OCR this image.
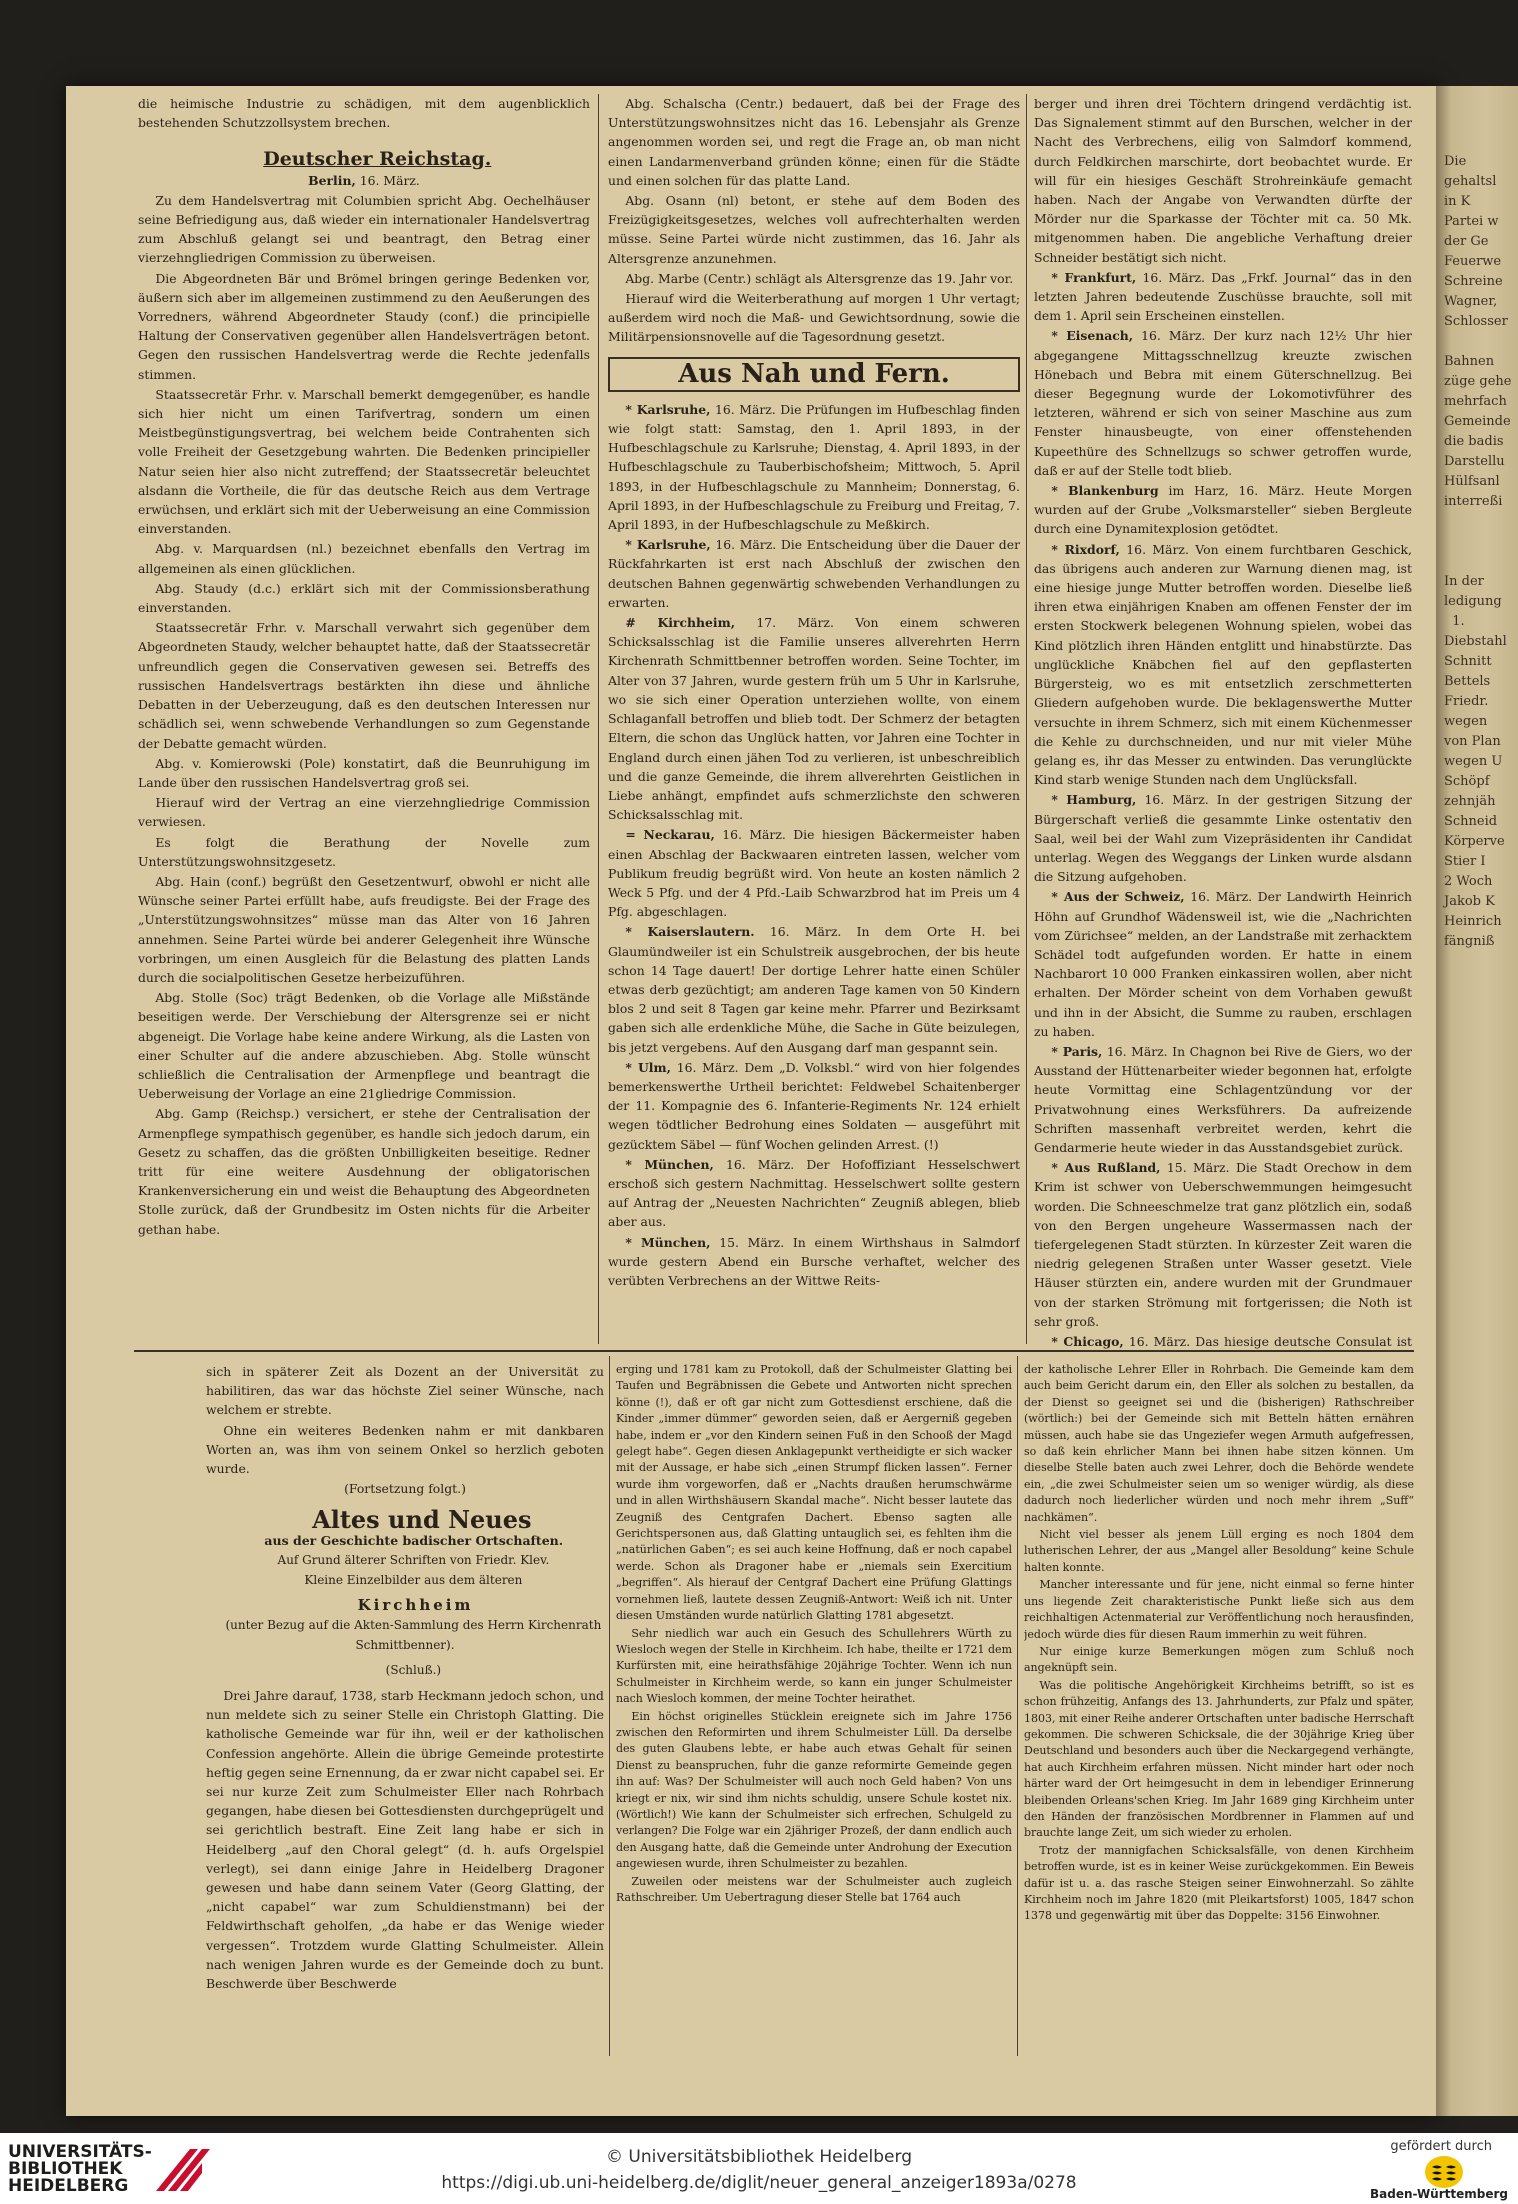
Die
gehaltsl
in K
Partei w
der Ge
Feuerwe
Schreine
Wagner,
Schlosser

Bahnen
züge gehe
mehrfach
Gemeinde
die badis
Darstellu
Hülfsanl
interreßi

In der
ledigung
1.
Diebstahl
Schnitt
Bettels
Friedr.
wegen
von Plan
wegen U
Schöpf
zehnjäh
Schneid
Körperve
Stier I
2 Woch
Jakob K
Heinrich
fängniß

die heimische Industrie zu schädigen, mit dem augenblicklich bestehenden Schutzzollsystem brechen.

Deutscher Reichstag.

Berlin, 16. März.

Zu dem Handelsvertrag mit Columbien spricht Abg. Oechelhäuser seine Befriedigung aus, daß wieder ein internationaler Handelsvertrag zum Abschluß gelangt sei und beantragt, den Betrag einer vierzehngliedrigen Commission zu überweisen.

Die Abgeordneten Bär und Brömel bringen geringe Bedenken vor, äußern sich aber im allgemeinen zustimmend zu den Aeußerungen des Vorredners, während Abgeordneter Staudy (conf.) die principielle Haltung der Conservativen gegenüber allen Handelsverträgen betont. Gegen den russischen Handelsvertrag werde die Rechte jedenfalls stimmen.

Staatssecretär Frhr. v. Marschall bemerkt demgegenüber, es handle sich hier nicht um einen Tarifvertrag, sondern um einen Meistbegünstigungsvertrag, bei welchem beide Contrahenten sich volle Freiheit der Gesetzgebung wahrten. Die Bedenken principieller Natur seien hier also nicht zutreffend; der Staatssecretär beleuchtet alsdann die Vortheile, die für das deutsche Reich aus dem Vertrage erwüchsen, und erklärt sich mit der Ueberweisung an eine Commission einverstanden.

Abg. v. Marquardsen (nl.) bezeichnet ebenfalls den Vertrag im allgemeinen als einen glücklichen.

Abg. Staudy (d.c.) erklärt sich mit der Commissionsberathung einverstanden.

Staatssecretär Frhr. v. Marschall verwahrt sich gegenüber dem Abgeordneten Staudy, welcher behauptet hatte, daß der Staatssecretär unfreundlich gegen die Conservativen gewesen sei. Betreffs des russischen Handelsvertrags bestärkten ihn diese und ähnliche Debatten in der Ueberzeugung, daß es den deutschen Interessen nur schädlich sei, wenn schwebende Verhandlungen so zum Gegenstande der Debatte gemacht würden.

Abg. v. Komierowski (Pole) konstatirt, daß die Beunruhigung im Lande über den russischen Handelsvertrag groß sei.

Hierauf wird der Vertrag an eine vierzehngliedrige Commission verwiesen.

Es folgt die Berathung der Novelle zum Unterstützungswohnsitzgesetz.

Abg. Hain (conf.) begrüßt den Gesetzentwurf, obwohl er nicht alle Wünsche seiner Partei erfüllt habe, aufs freudigste. Bei der Frage des „Unterstützungswohnsitzes“ müsse man das Alter von 16 Jahren annehmen. Seine Partei würde bei anderer Gelegenheit ihre Wünsche vorbringen, um einen Ausgleich für die Belastung des platten Lands durch die socialpolitischen Gesetze herbeizuführen.

Abg. Stolle (Soc) trägt Bedenken, ob die Vorlage alle Mißstände beseitigen werde. Der Verschiebung der Altersgrenze sei er nicht abgeneigt. Die Vorlage habe keine andere Wirkung, als die Lasten von einer Schulter auf die andere abzuschieben. Abg. Stolle wünscht schließlich die Centralisation der Armenpflege und beantragt die Ueberweisung der Vorlage an eine 21gliedrige Commission.

Abg. Gamp (Reichsp.) versichert, er stehe der Centralisation der Armenpflege sympathisch gegenüber, es handle sich jedoch darum, ein Gesetz zu schaffen, das die größten Unbilligkeiten beseitige. Redner tritt für eine weitere Ausdehnung der obligatorischen Krankenversicherung ein und weist die Behauptung des Abgeordneten Stolle zurück, daß der Grundbesitz im Osten nichts für die Arbeiter gethan habe.

Abg. Schalscha (Centr.) bedauert, daß bei der Frage des Unterstützungswohnsitzes nicht das 16. Lebensjahr als Grenze angenommen worden sei, und regt die Frage an, ob man nicht einen Landarmenverband gründen könne; einen für die Städte und einen solchen für das platte Land.

Abg. Osann (nl) betont, er stehe auf dem Boden des Freizügigkeitsgesetzes, welches voll aufrechterhalten werden müsse. Seine Partei würde nicht zustimmen, das 16. Jahr als Altersgrenze anzunehmen.

Abg. Marbe (Centr.) schlägt als Altersgrenze das 19. Jahr vor.

Hierauf wird die Weiterberathung auf morgen 1 Uhr vertagt; außerdem wird noch die Maß- und Gewichtsordnung, sowie die Militärpensionsnovelle auf die Tagesordnung gesetzt.

Aus Nah und Fern.

* Karlsruhe, 16. März. Die Prüfungen im Hufbeschlag finden wie folgt statt: Samstag, den 1. April 1893, in der Hufbeschlagschule zu Karlsruhe; Dienstag, 4. April 1893, in der Hufbeschlagschule zu Tauberbischofsheim; Mittwoch, 5. April 1893, in der Hufbeschlagschule zu Mannheim; Donnerstag, 6. April 1893, in der Hufbeschlagschule zu Freiburg und Freitag, 7. April 1893, in der Hufbeschlagschule zu Meßkirch.

* Karlsruhe, 16. März. Die Entscheidung über die Dauer der Rückfahrkarten ist erst nach Abschluß der zwischen den deutschen Bahnen gegenwärtig schwebenden Verhandlungen zu erwarten.

# Kirchheim, 17. März. Von einem schweren Schicksalsschlag ist die Familie unseres allverehrten Herrn Kirchenrath Schmittbenner betroffen worden. Seine Tochter, im Alter von 37 Jahren, wurde gestern früh um 5 Uhr in Karlsruhe, wo sie sich einer Operation unterziehen wollte, von einem Schlaganfall betroffen und blieb todt. Der Schmerz der betagten Eltern, die schon das Unglück hatten, vor Jahren eine Tochter in England durch einen jähen Tod zu verlieren, ist unbeschreiblich und die ganze Gemeinde, die ihrem allverehrten Geistlichen in Liebe anhängt, empfindet aufs schmerzlichste den schweren Schicksalsschlag mit.

= Neckarau, 16. März. Die hiesigen Bäckermeister haben einen Abschlag der Backwaaren eintreten lassen, welcher vom Publikum freudig begrüßt wird. Von heute an kosten nämlich 2 Weck 5 Pfg. und der 4 Pfd.-Laib Schwarzbrod hat im Preis um 4 Pfg. abgeschlagen.

* Kaiserslautern. 16. März. In dem Orte H. bei Glaumündweiler ist ein Schulstreik ausgebrochen, der bis heute schon 14 Tage dauert! Der dortige Lehrer hatte einen Schüler etwas derb gezüchtigt; am anderen Tage kamen von 50 Kindern blos 2 und seit 8 Tagen gar keine mehr. Pfarrer und Bezirksamt gaben sich alle erdenkliche Mühe, die Sache in Güte beizulegen, bis jetzt vergebens. Auf den Ausgang darf man gespannt sein.

* Ulm, 16. März. Dem „D. Volksbl.“ wird von hier folgendes bemerkenswerthe Urtheil berichtet: Feldwebel Schaitenberger der 11. Kompagnie des 6. Infanterie-Regiments Nr. 124 erhielt wegen tödtlicher Bedrohung eines Soldaten — ausgeführt mit gezücktem Säbel — fünf Wochen gelinden Arrest. (!)

* München, 16. März. Der Hofoffiziant Hesselschwert erschoß sich gestern Nachmittag. Hesselschwert sollte gestern auf Antrag der „Neuesten Nachrichten“ Zeugniß ablegen, blieb aber aus.

* München, 15. März. In einem Wirthshaus in Salmdorf wurde gestern Abend ein Bursche verhaftet, welcher des verübten Verbrechens an der Wittwe Reits-

berger und ihren drei Töchtern dringend verdächtig ist. Das Signalement stimmt auf den Burschen, welcher in der Nacht des Verbrechens, eilig von Salmdorf kommend, durch Feldkirchen marschirte, dort beobachtet wurde. Er will für ein hiesiges Geschäft Strohreinkäufe gemacht haben. Nach der Angabe von Verwandten dürfte der Mörder nur die Sparkasse der Töchter mit ca. 50 Mk. mitgenommen haben. Die angebliche Verhaftung dreier Schneider bestätigt sich nicht.

* Frankfurt, 16. März. Das „Frkf. Journal“ das in den letzten Jahren bedeutende Zuschüsse brauchte, soll mit dem 1. April sein Erscheinen einstellen.

* Eisenach, 16. März. Der kurz nach 12½ Uhr hier abgegangene Mittagsschnellzug kreuzte zwischen Hönebach und Bebra mit einem Güterschnellzug. Bei dieser Begegnung wurde der Lokomotivführer des letzteren, während er sich von seiner Maschine aus zum Fenster hinausbeugte, von einer offenstehenden Kupeethüre des Schnellzugs so schwer getroffen wurde, daß er auf der Stelle todt blieb.

* Blankenburg im Harz, 16. März. Heute Morgen wurden auf der Grube „Volksmarsteller“ sieben Bergleute durch eine Dynamitexplosion getödtet.

* Rixdorf, 16. März. Von einem furchtbaren Geschick, das übrigens auch anderen zur Warnung dienen mag, ist eine hiesige junge Mutter betroffen worden. Dieselbe ließ ihren etwa einjährigen Knaben am offenen Fenster der im ersten Stockwerk belegenen Wohnung spielen, wobei das Kind plötzlich ihren Händen entglitt und hinabstürzte. Das unglückliche Knäbchen fiel auf den gepflasterten Bürgersteig, wo es mit entsetzlich zerschmetterten Gliedern aufgehoben wurde. Die beklagenswerthe Mutter versuchte in ihrem Schmerz, sich mit einem Küchenmesser die Kehle zu durchschneiden, und nur mit vieler Mühe gelang es, ihr das Messer zu entwinden. Das verunglückte Kind starb wenige Stunden nach dem Unglücksfall.

* Hamburg, 16. März. In der gestrigen Sitzung der Bürgerschaft verließ die gesammte Linke ostentativ den Saal, weil bei der Wahl zum Vizepräsidenten ihr Candidat unterlag. Wegen des Weggangs der Linken wurde alsdann die Sitzung aufgehoben.

* Aus der Schweiz, 16. März. Der Landwirth Heinrich Höhn auf Grundhof Wädensweil ist, wie die „Nachrichten vom Zürichsee“ melden, an der Landstraße mit zerhacktem Schädel todt aufgefunden worden. Er hatte in einem Nachbarort 10 000 Franken einkassiren wollen, aber nicht erhalten. Der Mörder scheint von dem Vorhaben gewußt und ihn in der Absicht, die Summe zu rauben, erschlagen zu haben.

* Paris, 16. März. In Chagnon bei Rive de Giers, wo der Ausstand der Hüttenarbeiter wieder begonnen hat, erfolgte heute Vormittag eine Schlagentzündung vor der Privatwohnung eines Werksführers. Da aufreizende Schriften massenhaft verbreitet werden, kehrt die Gendarmerie heute wieder in das Ausstandsgebiet zurück.

* Aus Rußland, 15. März. Die Stadt Orechow in dem Krim ist schwer von Ueberschwemmungen heimgesucht worden. Die Schneeschmelze trat ganz plötzlich ein, sodaß von den Bergen ungeheure Wassermassen nach der tiefergelegenen Stadt stürzten. In kürzester Zeit waren die niedrig gelegenen Straßen unter Wasser gesetzt. Viele Häuser stürzten ein, andere wurden mit der Grundmauer von der starken Strömung mit fortgerissen; die Noth ist sehr groß.

* Chicago, 16. März. Das hiesige deutsche Consulat ist

sich in späterer Zeit als Dozent an der Universität zu habilitiren, das war das höchste Ziel seiner Wünsche, nach welchem er strebte.

Ohne ein weiteres Bedenken nahm er mit dankbaren Worten an, was ihm von seinem Onkel so herzlich geboten wurde.

(Fortsetzung folgt.)

Altes und Neues

aus der Geschichte badischer Ortschaften.

Auf Grund älterer Schriften von Friedr. Klev.

Kleine Einzelbilder aus dem älteren

Kirchheim

(unter Bezug auf die Akten-Sammlung des Herrn Kirchenrath Schmittbenner).

(Schluß.)

Drei Jahre darauf, 1738, starb Heckmann jedoch schon, und nun meldete sich zu seiner Stelle ein Christoph Glatting. Die katholische Gemeinde war für ihn, weil er der katholischen Confession angehörte. Allein die übrige Gemeinde protestirte heftig gegen seine Ernennung, da er zwar nicht capabel sei. Er sei nur kurze Zeit zum Schulmeister Eller nach Rohrbach gegangen, habe diesen bei Gottesdiensten durchgeprügelt und sei gerichtlich bestraft. Eine Zeit lang habe er sich in Heidelberg „auf den Choral gelegt“ (d. h. aufs Orgelspiel verlegt), sei dann einige Jahre in Heidelberg Dragoner gewesen und habe dann seinem Vater (Georg Glatting, der „nicht capabel“ war zum Schuldienstmann) bei der Feldwirthschaft geholfen, „da habe er das Wenige wieder vergessen“. Trotzdem wurde Glatting Schulmeister. Allein nach wenigen Jahren wurde es der Gemeinde doch zu bunt. Beschwerde über Beschwerde

erging und 1781 kam zu Protokoll, daß der Schulmeister Glatting bei Taufen und Begräbnissen die Gebete und Antworten nicht sprechen könne (!), daß er oft gar nicht zum Gottesdienst erschiene, daß die Kinder „immer dümmer“ geworden seien, daß er Aergerniß gegeben habe, indem er „vor den Kindern seinen Fuß in den Schooß der Magd gelegt habe“. Gegen diesen Anklagepunkt vertheidigte er sich wacker mit der Aussage, er habe sich „einen Strumpf flicken lassen“. Ferner wurde ihm vorgeworfen, daß er „Nachts draußen herumschwärme und in allen Wirthshäusern Skandal mache“. Nicht besser lautete das Zeugniß des Centgrafen Dachert. Ebenso sagten alle Gerichtspersonen aus, daß Glatting untauglich sei, es fehlten ihm die „natürlichen Gaben“; es sei auch keine Hoffnung, daß er noch capabel werde. Schon als Dragoner habe er „niemals sein Exercitium „begriffen“. Als hierauf der Centgraf Dachert eine Prüfung Glattings vornehmen ließ, lautete dessen Zeugniß-Antwort: Weiß ich nit. Unter diesen Umständen wurde natürlich Glatting 1781 abgesetzt.

Sehr niedlich war auch ein Gesuch des Schullehrers Würth zu Wiesloch wegen der Stelle in Kirchheim. Ich habe, theilte er 1721 dem Kurfürsten mit, eine heirathsfähige 20jährige Tochter. Wenn ich nun Schulmeister in Kirchheim werde, so kann ein junger Schulmeister nach Wiesloch kommen, der meine Tochter heirathet.

Ein höchst originelles Stücklein ereignete sich im Jahre 1756 zwischen den Reformirten und ihrem Schulmeister Lüll. Da derselbe des guten Glaubens lebte, er habe auch etwas Gehalt für seinen Dienst zu beanspruchen, fuhr die ganze reformirte Gemeinde gegen ihn auf: Was? Der Schulmeister will auch noch Geld haben? Von uns kriegt er nix, wir sind ihm nichts schuldig, unsere Schule kostet nix. (Wörtlich!) Wie kann der Schulmeister sich erfrechen, Schulgeld zu verlangen? Die Folge war ein 2jähriger Prozeß, der dann endlich auch den Ausgang hatte, daß die Gemeinde unter Androhung der Execution angewiesen wurde, ihren Schulmeister zu bezahlen.

Zuweilen oder meistens war der Schulmeister auch zugleich Rathschreiber. Um Uebertragung dieser Stelle bat 1764 auch

der katholische Lehrer Eller in Rohrbach. Die Gemeinde kam dem auch beim Gericht darum ein, den Eller als solchen zu bestallen, da der Dienst so geeignet sei und die (bisherigen) Rathschreiber (wörtlich:) bei der Gemeinde sich mit Betteln hätten ernähren müssen, auch habe sie das Ungeziefer wegen Armuth aufgefressen, so daß kein ehrlicher Mann bei ihnen habe sitzen können. Um dieselbe Stelle baten auch zwei Lehrer, doch die Behörde wendete ein, „die zwei Schulmeister seien um so weniger würdig, als diese dadurch noch liederlicher würden und noch mehr ihrem „Suff“ nachkämen“.

Nicht viel besser als jenem Lüll erging es noch 1804 dem lutherischen Lehrer, der aus „Mangel aller Besoldung“ keine Schule halten konnte.

Mancher interessante und für jene, nicht einmal so ferne hinter uns liegende Zeit charakteristische Punkt ließe sich aus dem reichhaltigen Actenmaterial zur Veröffentlichung noch herausfinden, jedoch würde dies für diesen Raum immerhin zu weit führen.

Nur einige kurze Bemerkungen mögen zum Schluß noch angeknüpft sein.

Was die politische Angehörigkeit Kirchheims betrifft, so ist es schon frühzeitig, Anfangs des 13. Jahrhunderts, zur Pfalz und später, 1803, mit einer Reihe anderer Ortschaften unter badische Herrschaft gekommen. Die schweren Schicksale, die der 30jährige Krieg über Deutschland und besonders auch über die Neckargegend verhängte, hat auch Kirchheim erfahren müssen. Nicht minder hart oder noch härter ward der Ort heimgesucht in dem in lebendiger Erinnerung bleibenden Orleans'schen Krieg. Im Jahr 1689 ging Kirchheim unter den Händen der französischen Mordbrenner in Flammen auf und brauchte lange Zeit, um sich wieder zu erholen.

Trotz der mannigfachen Schicksalsfälle, von denen Kirchheim betroffen wurde, ist es in keiner Weise zurückgekommen. Ein Beweis dafür ist u. a. das rasche Steigen seiner Einwohnerzahl. So zählte Kirchheim noch im Jahre 1820 (mit Pleikartsforst) 1005, 1847 schon 1378 und gegenwärtig mit über das Doppelte: 3156 Einwohner.

UNIVERSITÄTS-
BIBLIOTHEK
HEIDELBERG
© Universitätsbibliothek Heidelberg
https://digi.ub.uni-heidelberg.de/diglit/neuer_general_anzeiger1893a/0278
gefördert durch
Baden-Württemberg
